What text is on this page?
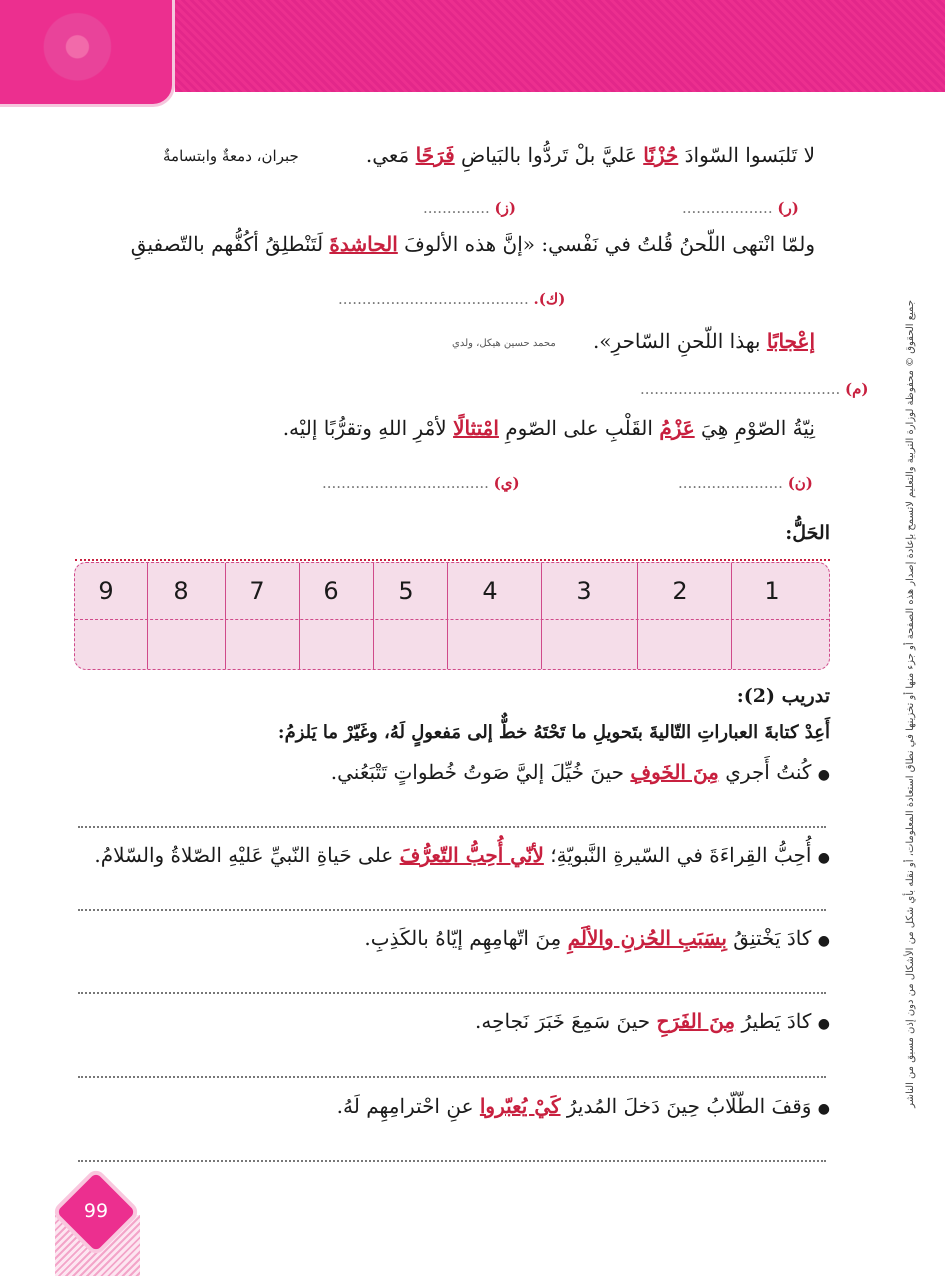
جميع الحقوق © محفوظة لوزارة التربية والتعليم لاتسمح بإعادة إصدار هذه الصفحة أو جزء منها أو تخزينها في نطاق استعادة المعلومات، أو نقله بأي شكل من الأشكال من دون إذن مسبق من الناشر
لا تَلبَسوا السّوادَ حُزْنًا عَليَّ بلْ تَردُّوا بالبَياضِ فَرَحًا مَعي.
جبران، دمعةٌ وابتسامةٌ
(ر) ...................
(ز) ..............
ولمّا انْتهى اللّحنُ قُلتُ في نَفْسي: «إنَّ هذه الألوفَ الحاشدةَ لَتَنْطلِقُ أكُفُّهم بالتّصفيقِ
(ك). ........................................
إعْجابًا بهذا اللّحنِ السّاحرِ».
محمد حسين هيكل، ولدي
(م) ..........................................
نِيّةُ الصّوْمِ هِيَ عَزْمُ القَلْبِ على الصّومِ امْتثالًا لأمْرِ اللهِ وتقرُّبًا إليْه.
(ن) ......................
(ي) ...................................
الحَلُّ:
1
2
3
4
5
6
7
8
9
تدريب (2):
أَعِدْ كتابةَ العباراتِ التّاليةَ بتَحويلِ ما تَحْتَهُ خطٌّ إلى مَفعولٍ لَهُ، وغَيّرْ ما يَلزمُ:
● كُنتُ أَجري مِنَ الخَوفِ حينَ خُيِّلَ إليَّ صَوتُ خُطواتٍ تَتْبَعُني.
● أُحِبُّ القِراءَةَ في السّيرةِ النَّبويّةِ؛ لأنّي أُحِبُّ التّعرُّفَ على حَياةِ النّبيِّ عَليْهِ الصّلاةُ والسّلامُ.
● كادَ يَخْتنِقُ بِسَبَبِ الحُزنِ والألَمِ مِنَ اتّهامِهِم إيّاهُ بالكَذِبِ.
● كادَ يَطيرُ مِنَ الفَرَحِ حينَ سَمِعَ خَبَرَ نَجاحِه.
● وَقفَ الطّلّابُ حِينَ دَخلَ المُديرُ كَيْ يُعبّروا عنِ احْترامِهِم لَهُ.
99
